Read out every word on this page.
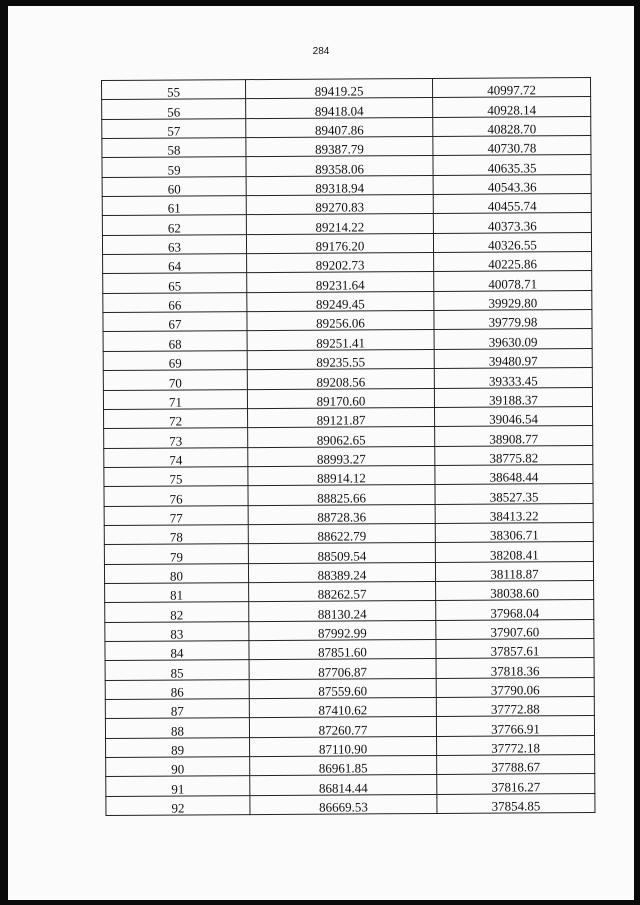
284
55	89419.25	40997.72
56	89418.04	40928.14
57	89407.86	40828.70
58	89387.79	40730.78
59	89358.06	40635.35
60	89318.94	40543.36
61	89270.83	40455.74
62	89214.22	40373.36
63	89176.20	40326.55
64	89202.73	40225.86
65	89231.64	40078.71
66	89249.45	39929.80
67	89256.06	39779.98
68	89251.41	39630.09
69	89235.55	39480.97
70	89208.56	39333.45
71	89170.60	39188.37
72	89121.87	39046.54
73	89062.65	38908.77
74	88993.27	38775.82
75	88914.12	38648.44
76	88825.66	38527.35
77	88728.36	38413.22
78	88622.79	38306.71
79	88509.54	38208.41
80	88389.24	38118.87
81	88262.57	38038.60
82	88130.24	37968.04
83	87992.99	37907.60
84	87851.60	37857.61
85	87706.87	37818.36
86	87559.60	37790.06
87	87410.62	37772.88
88	87260.77	37766.91
89	87110.90	37772.18
90	86961.85	37788.67
91	86814.44	37816.27
92	86669.53	37854.85
